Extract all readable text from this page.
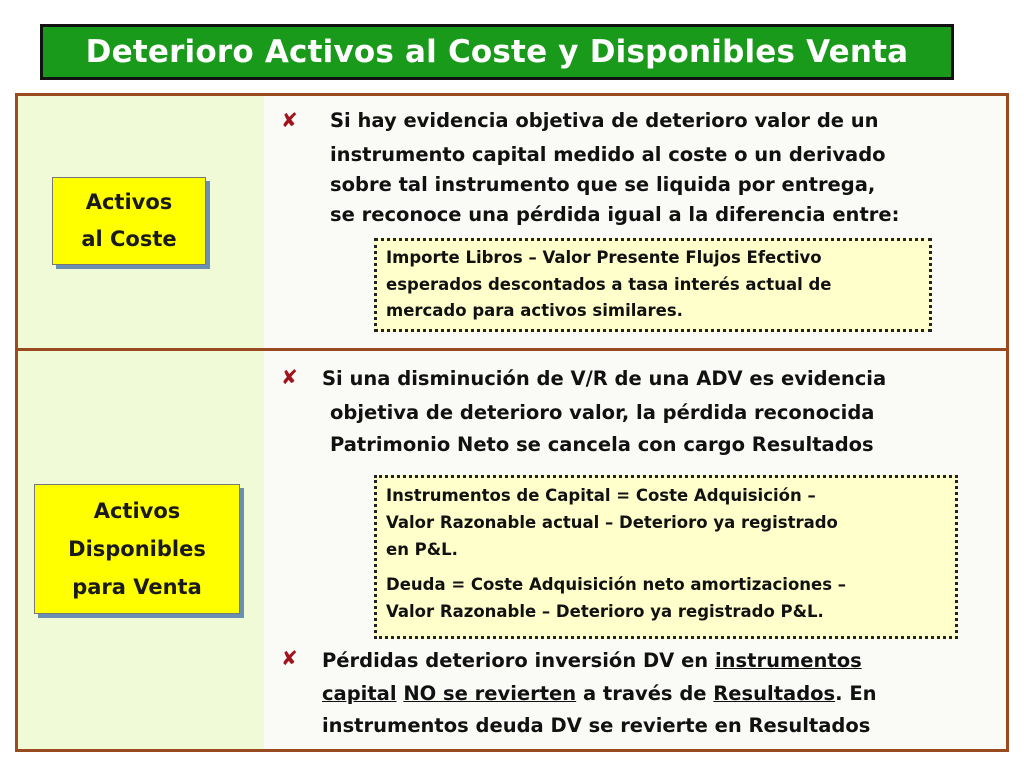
Deterioro Activos al Coste y Disponibles Venta
Activos
al Coste
✘ Si hay evidencia objetiva de deterioro valor de un
instrumento capital medido al coste o un derivado
sobre tal instrumento que se liquida por entrega,
se reconoce una pérdida igual a la diferencia entre:
Importe Libros – Valor Presente Flujos Efectivo
esperados descontados a tasa interés actual de
mercado para activos similares.
Activos
Disponibles
para Venta
✘ Si una disminución de V/R de una ADV es evidencia
objetiva de deterioro valor, la pérdida reconocida
Patrimonio Neto se cancela con cargo Resultados
Instrumentos de Capital = Coste Adquisición –
Valor Razonable actual – Deterioro ya registrado
en P&L.
Deuda = Coste Adquisición neto amortizaciones –
Valor Razonable – Deterioro ya registrado P&L.
✘ Pérdidas deterioro inversión DV en instrumentos
capital NO se revierten a través de Resultados. En
instrumentos deuda DV se revierte en Resultados
